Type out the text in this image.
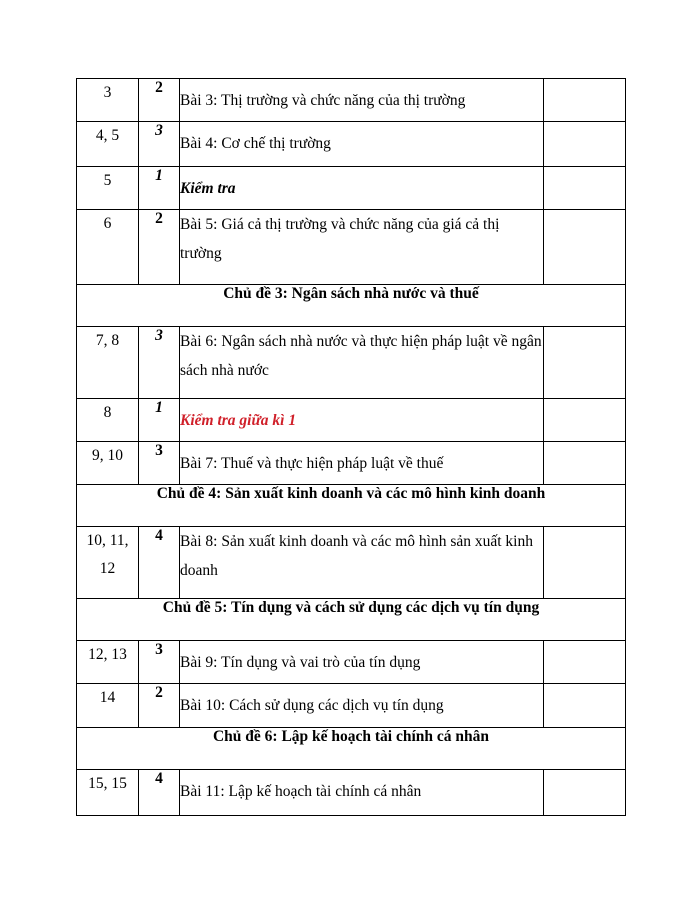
3	2	Bài 3: Thị trường và chức năng của thị trường	
4, 5	3	Bài 4: Cơ chế thị trường	
5	1	Kiểm tra	
6	2	Bài 5: Giá cả thị trường và chức năng của giá cả thị trường	
Chủ đề 3: Ngân sách nhà nước và thuế			
7, 8	3	Bài 6: Ngân sách nhà nước và thực hiện pháp luật về ngân sách nhà nước	
8	1	Kiểm tra giữa kì 1	
9, 10	3	Bài 7: Thuế và thực hiện pháp luật về thuế	
Chủ đề 4: Sản xuất kinh doanh và các mô hình kinh doanh			
10, 11, 12	4	Bài 8: Sản xuất kinh doanh và các mô hình sản xuất kinh doanh	
Chủ đề 5: Tín dụng và cách sử dụng các dịch vụ tín dụng			
12, 13	3	Bài 9: Tín dụng và vai trò của tín dụng	
14	2	Bài 10: Cách sử dụng các dịch vụ tín dụng	
Chủ đề 6: Lập kế hoạch tài chính cá nhân			
15, 15	4	Bài 11: Lập kế hoạch tài chính cá nhân	
